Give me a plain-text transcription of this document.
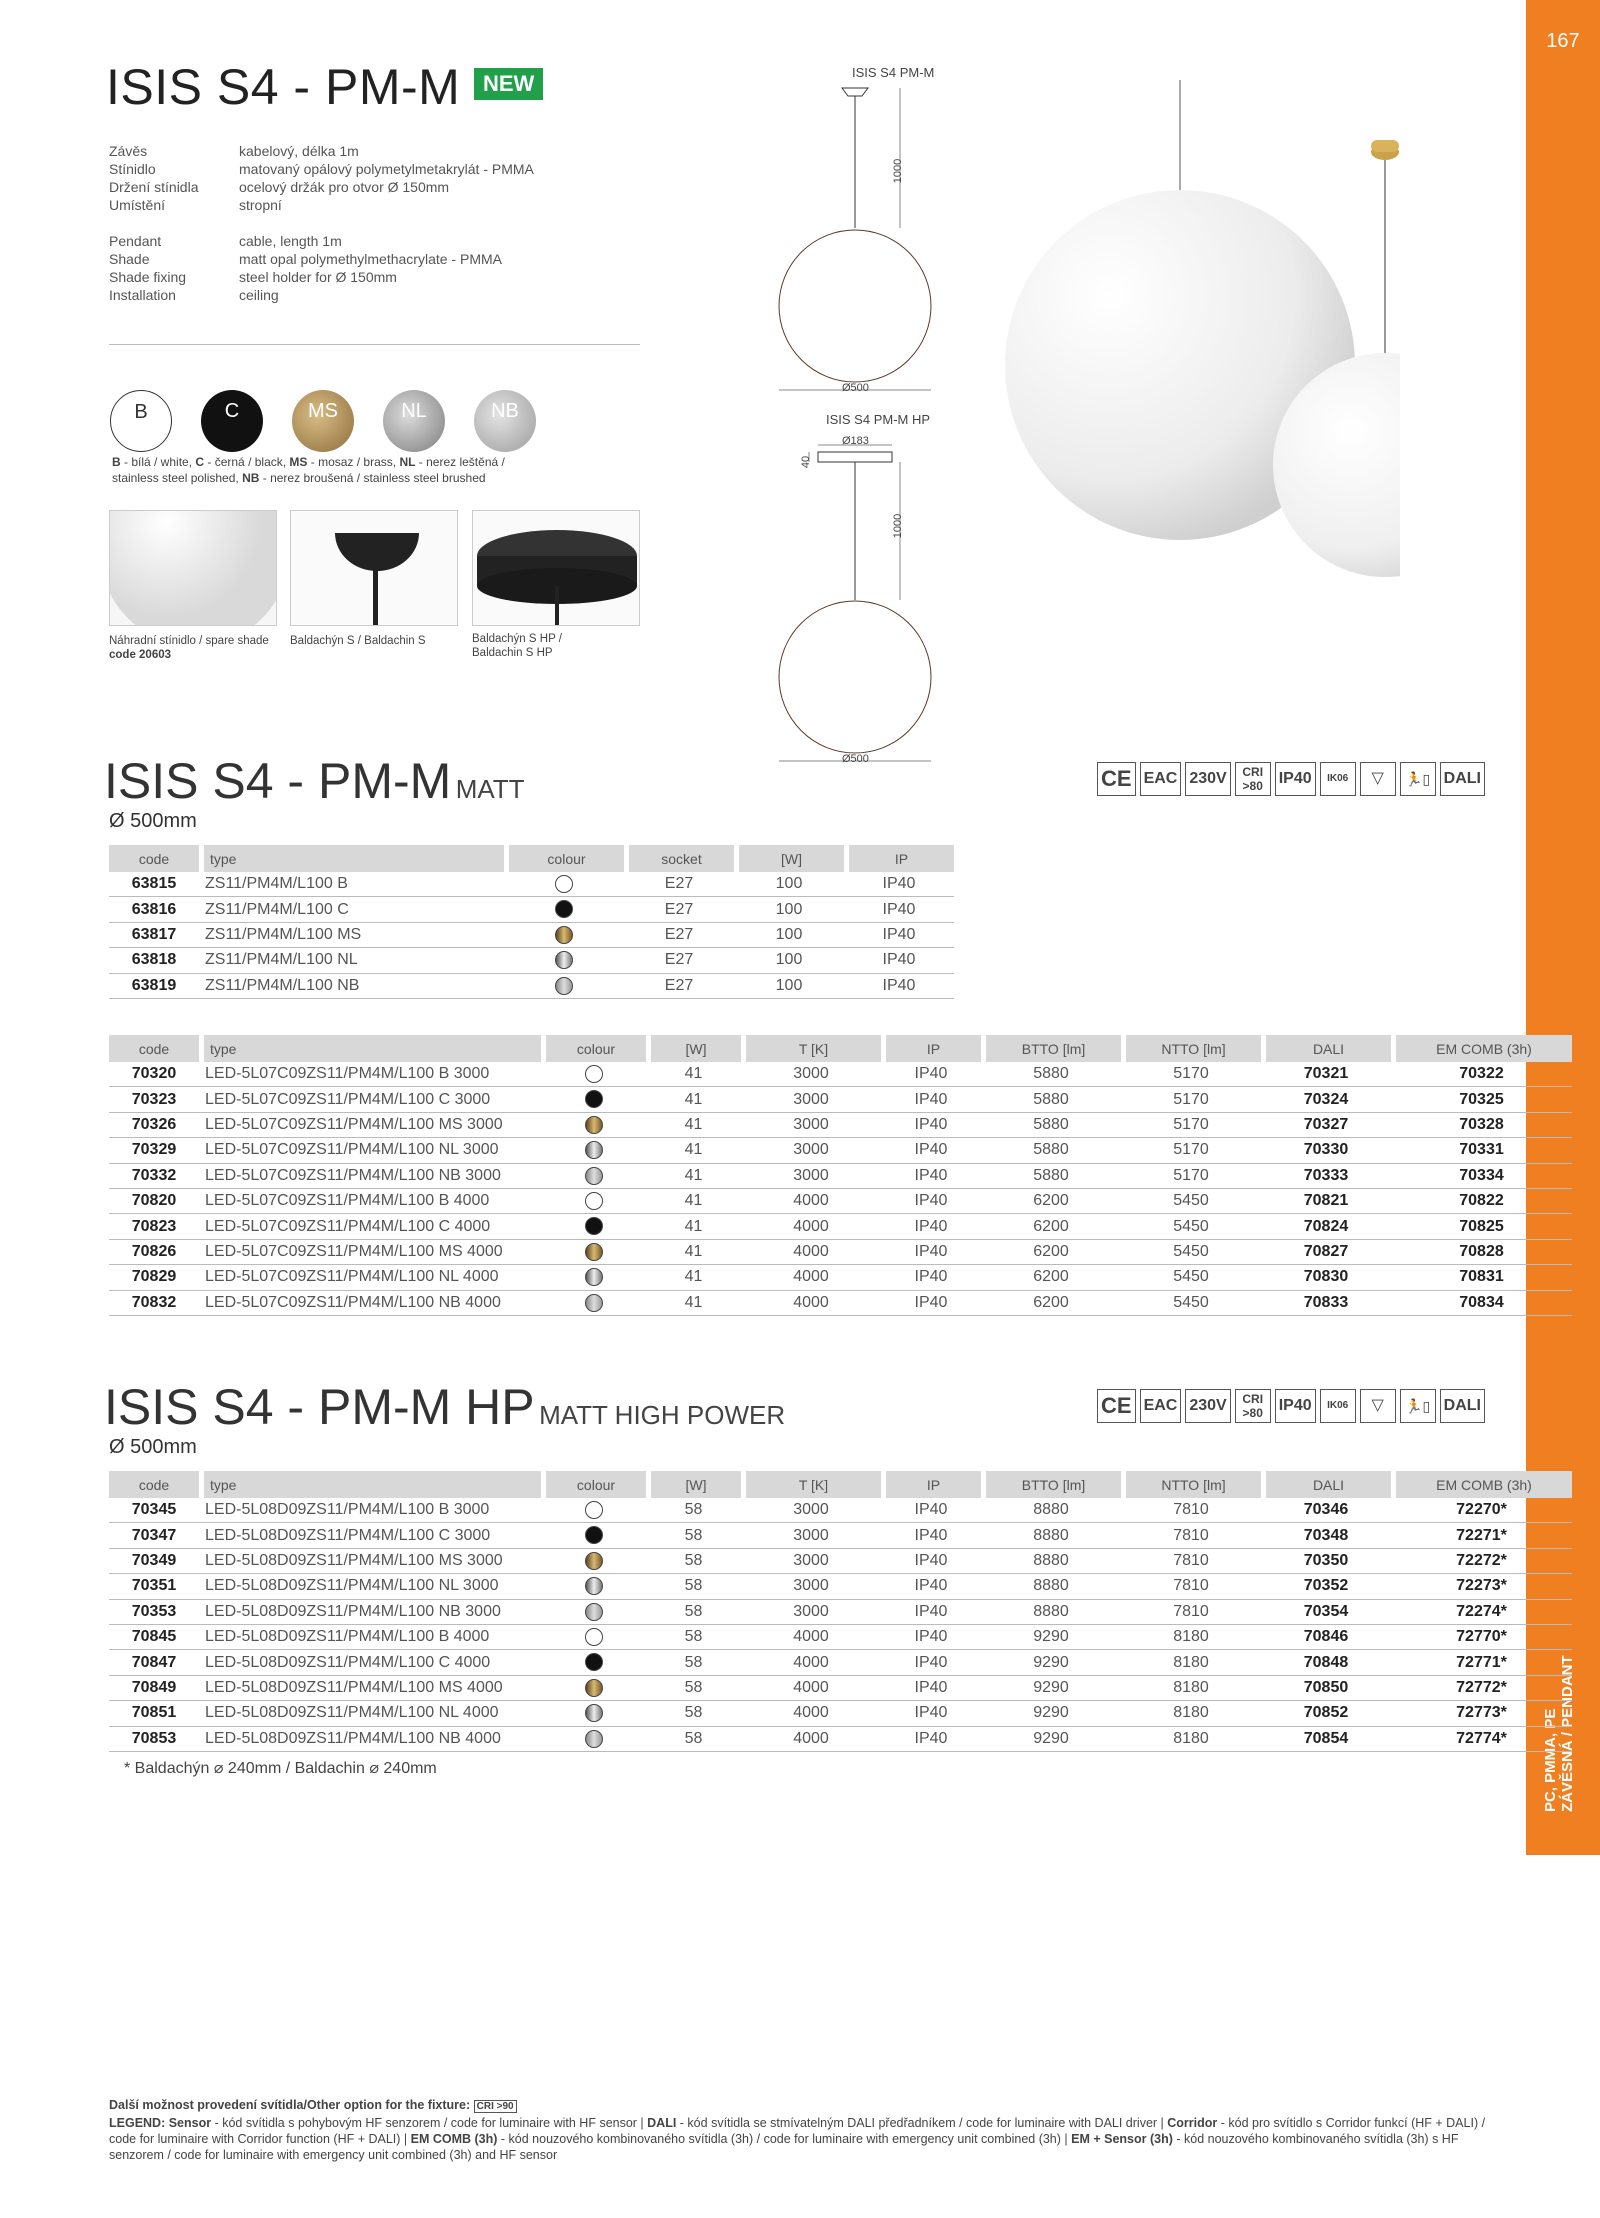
167
PC, PMMA, PE ZÁVĚSNÁ / PENDANT
ISIS S4 - PM-M	NEW
Závěs	kabelový, délka 1m
Stínidlo	matovaný opálový polymetylmetakrylát - PMMA
Držení stínidla	ocelový držák pro otvor Ø 150mm
Umístění	stropní
Pendant	cable, length 1m
Shade	matt opal polymethylmethacrylate - PMMA
Shade fixing	steel holder for Ø 150mm
Installation	ceiling
B	C	MS	NL	NB
B - bílá / white, C - černá / black, MS - mosaz / brass, NL - nerez leštěná /
stainless steel polished, NB - nerez broušená / stainless steel brushed
Náhradní stínidlo / spare shade
code 20603
Baldachýn S / Baldachin S	Baldachýn S HP /
Baldachin S HP
ISIS S4 PM-M
ISIS S4 PM-M HP
1000
Ø500
Ø183
40
1000
Ø500
ISIS S4 - PM-M MATT
Ø 500mm
CE EAC 230V	CRI
>80 IP40	IK06	▽	🏃▯ DALI
code	type	colour	socket	[W]	IP
63815	ZS11/PM4M/L100 B		E27	100	IP40
63816	ZS11/PM4M/L100 C		E27	100	IP40
63817	ZS11/PM4M/L100 MS		E27	100	IP40
63818	ZS11/PM4M/L100 NL		E27	100	IP40
63819	ZS11/PM4M/L100 NB		E27	100	IP40
code	type	colour	[W]	T [K]	IP	BTTO [lm]	NTTO [lm]	DALI	EM COMB (3h)
70320	LED-5L07C09ZS11/PM4M/L100 B 3000		41	3000	IP40	5880	5170	70321	70322
70323	LED-5L07C09ZS11/PM4M/L100 C 3000		41	3000	IP40	5880	5170	70324	70325
70326	LED-5L07C09ZS11/PM4M/L100 MS 3000		41	3000	IP40	5880	5170	70327	70328
70329	LED-5L07C09ZS11/PM4M/L100 NL 3000		41	3000	IP40	5880	5170	70330	70331
70332	LED-5L07C09ZS11/PM4M/L100 NB 3000		41	3000	IP40	5880	5170	70333	70334
70820	LED-5L07C09ZS11/PM4M/L100 B 4000		41	4000	IP40	6200	5450	70821	70822
70823	LED-5L07C09ZS11/PM4M/L100 C 4000		41	4000	IP40	6200	5450	70824	70825
70826	LED-5L07C09ZS11/PM4M/L100 MS 4000		41	4000	IP40	6200	5450	70827	70828
70829	LED-5L07C09ZS11/PM4M/L100 NL 4000		41	4000	IP40	6200	5450	70830	70831
70832	LED-5L07C09ZS11/PM4M/L100 NB 4000		41	4000	IP40	6200	5450	70833	70834
ISIS S4 - PM-M HP MATT HIGH POWER
Ø 500mm
CE EAC 230V	CRI
>80 IP40	IK06	▽	🏃▯ DALI
code	type	colour	[W]	T [K]	IP	BTTO [lm]	NTTO [lm]	DALI	EM COMB (3h)
70345	LED-5L08D09ZS11/PM4M/L100 B 3000		58	3000	IP40	8880	7810	70346	72270*
70347	LED-5L08D09ZS11/PM4M/L100 C 3000		58	3000	IP40	8880	7810	70348	72271*
70349	LED-5L08D09ZS11/PM4M/L100 MS 3000		58	3000	IP40	8880	7810	70350	72272*
70351	LED-5L08D09ZS11/PM4M/L100 NL 3000		58	3000	IP40	8880	7810	70352	72273*
70353	LED-5L08D09ZS11/PM4M/L100 NB 3000		58	3000	IP40	8880	7810	70354	72274*
70845	LED-5L08D09ZS11/PM4M/L100 B 4000		58	4000	IP40	9290	8180	70846	72770*
70847	LED-5L08D09ZS11/PM4M/L100 C 4000		58	4000	IP40	9290	8180	70848	72771*
70849	LED-5L08D09ZS11/PM4M/L100 MS 4000		58	4000	IP40	9290	8180	70850	72772*
70851	LED-5L08D09ZS11/PM4M/L100 NL 4000		58	4000	IP40	9290	8180	70852	72773*
70853	LED-5L08D09ZS11/PM4M/L100 NB 4000		58	4000	IP40	9290	8180	70854	72774*
* Baldachýn ⌀ 240mm / Baldachin ⌀ 240mm
Další možnost provedení svítidla/Other option for the fixture: CRI >90
LEGEND: Sensor - kód svítidla s pohybovým HF senzorem / code for luminaire with HF sensor | DALI - kód svítidla se stmívatelným DALI předřadníkem / code for luminaire with DALI driver | Corridor - kód pro svítidlo s Corridor funkcí (HF + DALI) / code for luminaire with Corridor function (HF + DALI) | EM COMB (3h) - kód nouzového kombinovaného svítidla (3h) / code for luminaire with emergency unit combined (3h) | EM + Sensor (3h) - kód nouzového kombinovaného svítidla (3h) s HF senzorem / code for luminaire with emergency unit combined (3h) and HF sensor
